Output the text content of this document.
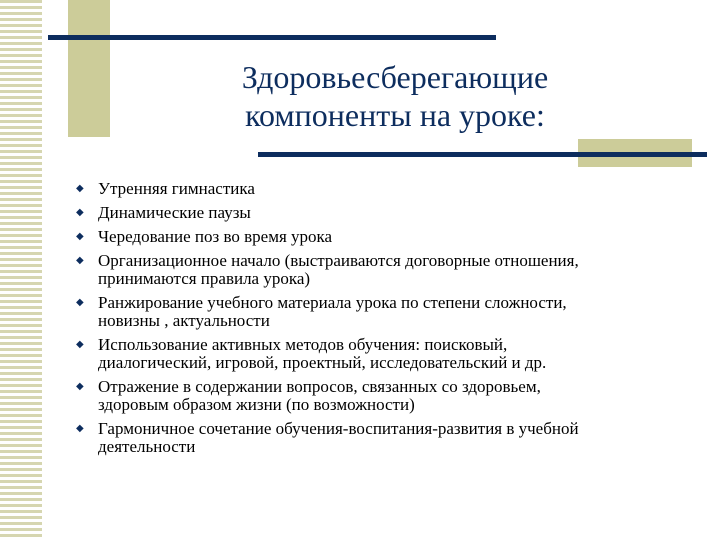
Здоровьесберегающие
компоненты на уроке:
◆ Утренняя гимнастика
◆ Динамические паузы
◆ Чередование поз во время урока
◆ Организационное начало (выстраиваются договорные отношения,
принимаются правила урока)
◆ Ранжирование учебного материала урока по степени сложности,
новизны , актуальности
◆ Использование активных методов обучения: поисковый,
диалогический, игровой, проектный, исследовательский и др.
◆ Отражение в содержании вопросов, связанных со здоровьем,
здоровым образом жизни (по возможности)
◆ Гармоничное сочетание обучения-воспитания-развития в учебной
деятельности
